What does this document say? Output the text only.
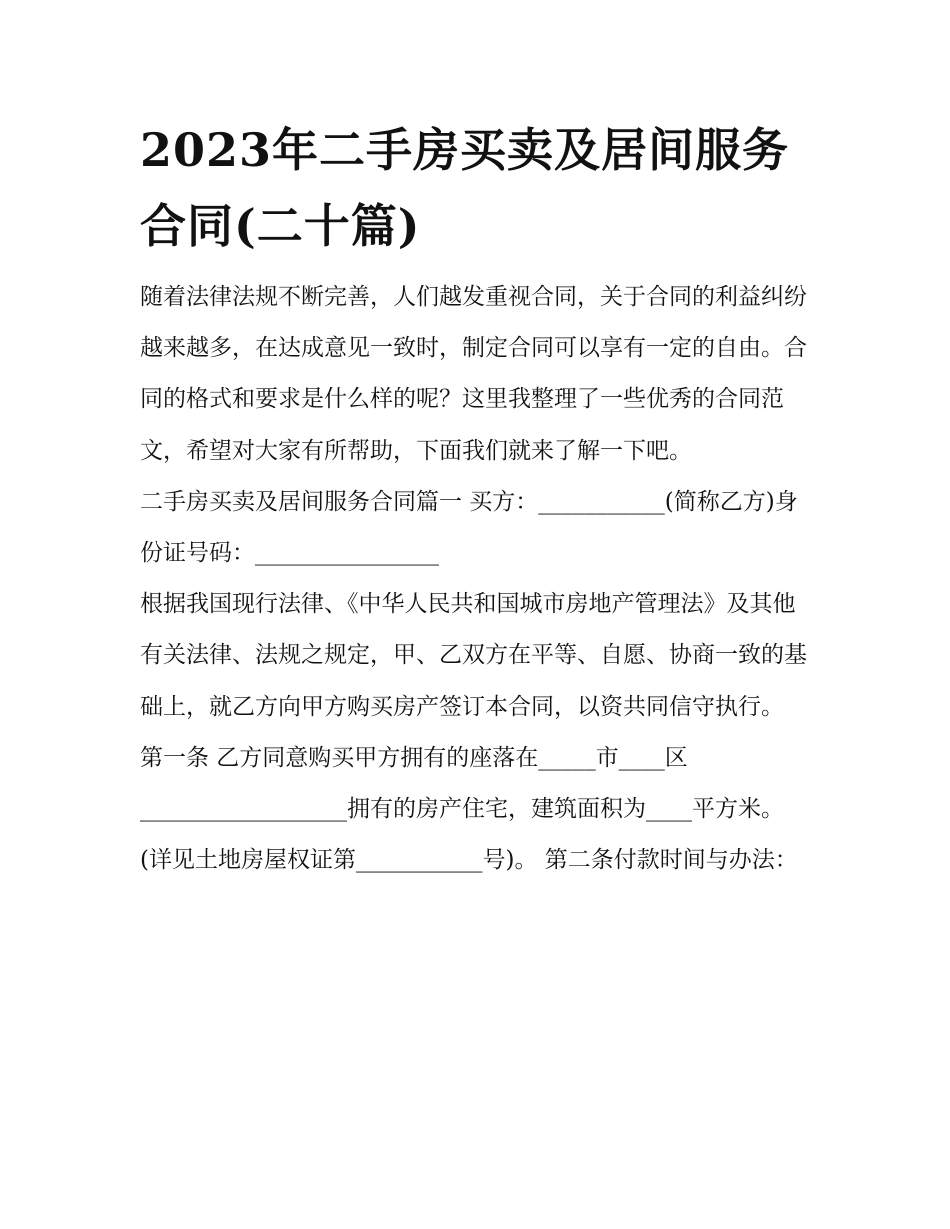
2023年二手房买卖及居间服务合同(二十篇)

随着法律法规不断完善，人们越发重视合同，关于合同的利益纠纷越来越多，在达成意见一致时，制定合同可以享有一定的自由。合同的格式和要求是什么样的呢？这里我整理了一些优秀的合同范文，希望对大家有所帮助，下面我们就来了解一下吧。

二手房买卖及居间服务合同篇一 买方：___________(简称乙方)身份证号码：________________

根据我国现行法律、《中华人民共和国城市房地产管理法》及其他有关法律、法规之规定，甲、乙双方在平等、自愿、协商一致的基础上，就乙方向甲方购买房产签订本合同，以资共同信守执行。

第一条 乙方同意购买甲方拥有的座落在_____市____区__________________拥有的房产住宅，建筑面积为____平方米。

(详见土地房屋权证第___________号)。 第二条付款时间与办法：
